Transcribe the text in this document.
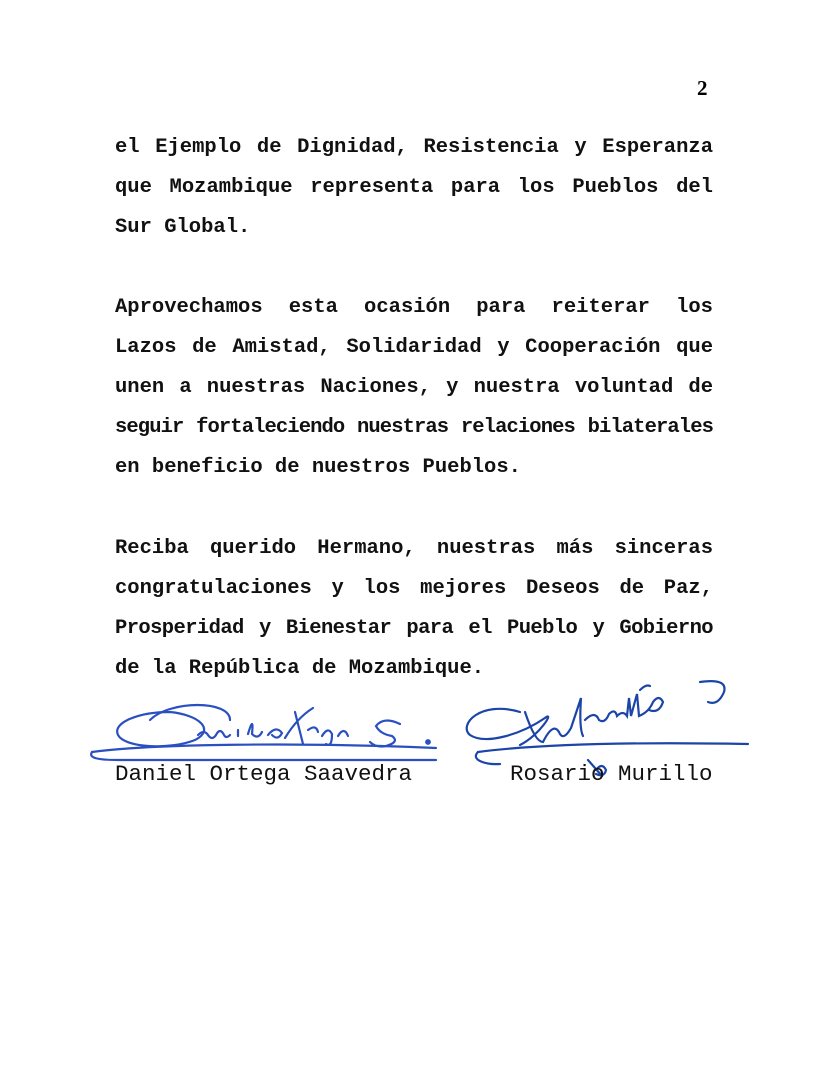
2
el Ejemplo de Dignidad, Resistencia y Esperanza
que Mozambique representa para los Pueblos del
Sur Global.
Aprovechamos esta ocasión para reiterar los
Lazos de Amistad, Solidaridad y Cooperación que
unen a nuestras Naciones, y nuestra voluntad de
seguir fortaleciendo nuestras relaciones bilaterales
en beneficio de nuestros Pueblos.
Reciba querido Hermano, nuestras más sinceras
congratulaciones y los mejores Deseos de Paz,
Prosperidad y Bienestar para el Pueblo y Gobierno
de la República de Mozambique.
Daniel Ortega Saavedra	Rosario Murillo
